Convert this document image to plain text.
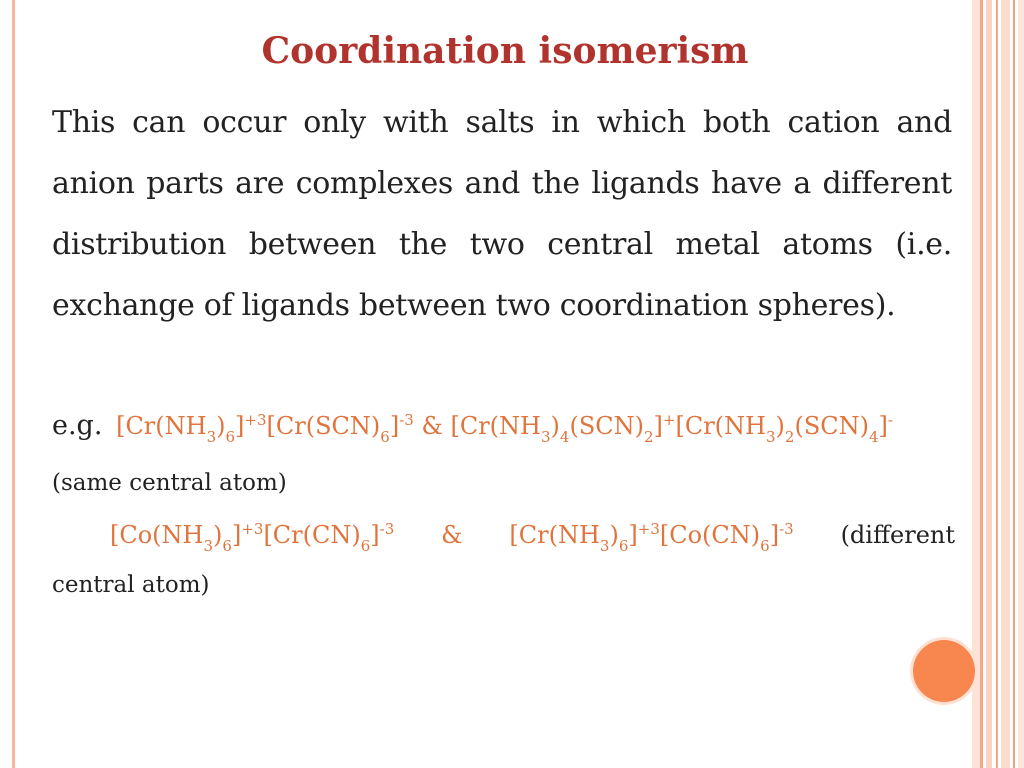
Coordination isomerism
This can occur only with salts in which both cation and anion parts are complexes and the ligands have a different distribution between the two central metal atoms (i.e. exchange of ligands between two coordination spheres).
e.g. $[Cr(NH_3)_6]^{+3}[Cr(SCN)_6]^{-3}$ & $[Cr(NH_3)_4(SCN)_2]^+[Cr(NH_3)_2(SCN)_4]^-$
(same central atom)
$[Co(NH_3)_6]^{+3}[Cr(CN)_6]^{-3}$ & $[Cr(NH_3)_6]^{+3}[Co(CN)_6]^{-3}$ (different
central atom)
